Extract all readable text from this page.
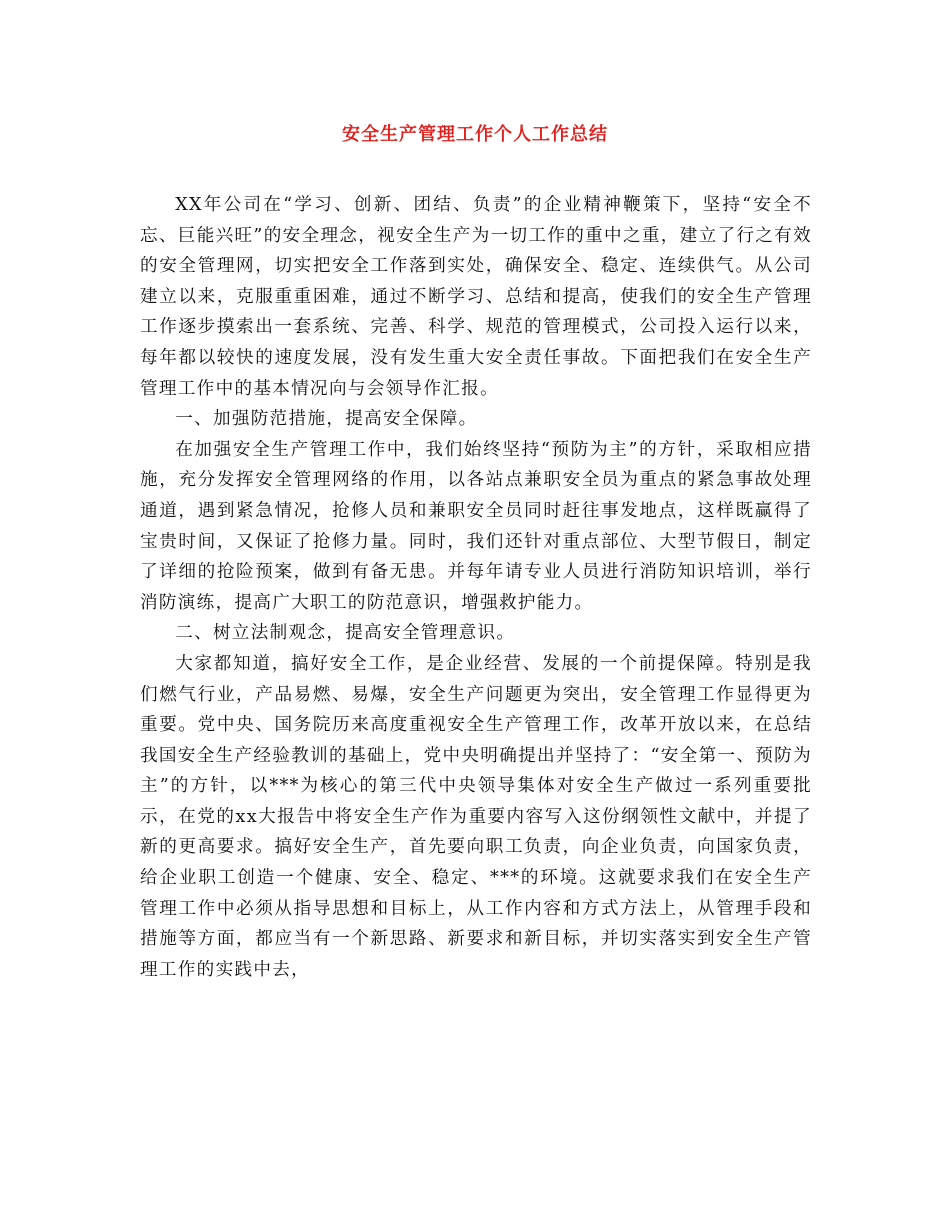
安全生产管理工作个人工作总结

XX年公司在“学习、创新、团结、负责”的企业精神鞭策下，坚持“安全不忘、巨能兴旺”的安全理念，视安全生产为一切工作的重中之重，建立了行之有效的安全管理网，切实把安全工作落到实处，确保安全、稳定、连续供气。从公司建立以来，克服重重困难，通过不断学习、总结和提高，使我们的安全生产管理工作逐步摸索出一套系统、完善、科学、规范的管理模式，公司投入运行以来，每年都以较快的速度发展，没有发生重大安全责任事故。下面把我们在安全生产管理工作中的基本情况向与会领导作汇报。

一、加强防范措施，提高安全保障。

在加强安全生产管理工作中，我们始终坚持“预防为主”的方针，采取相应措施，充分发挥安全管理网络的作用，以各站点兼职安全员为重点的紧急事故处理通道，遇到紧急情况，抢修人员和兼职安全员同时赶往事发地点，这样既赢得了宝贵时间，又保证了抢修力量。同时，我们还针对重点部位、大型节假日，制定了详细的抢险预案，做到有备无患。并每年请专业人员进行消防知识培训，举行消防演练，提高广大职工的防范意识，增强救护能力。

二、树立法制观念，提高安全管理意识。

大家都知道，搞好安全工作，是企业经营、发展的一个前提保障。特别是我们燃气行业，产品易燃、易爆，安全生产问题更为突出，安全管理工作显得更为重要。党中央、国务院历来高度重视安全生产管理工作，改革开放以来，在总结我国安全生产经验教训的基础上，党中央明确提出并坚持了：“安全第一、预防为主”的方针，以***为核心的第三代中央领导集体对安全生产做过一系列重要批示，在党的xx大报告中将安全生产作为重要内容写入这份纲领性文献中，并提了新的更高要求。搞好安全生产，首先要向职工负责，向企业负责，向国家负责，给企业职工创造一个健康、安全、稳定、***的环境。这就要求我们在安全生产管理工作中必须从指导思想和目标上，从工作内容和方式方法上，从管理手段和措施等方面，都应当有一个新思路、新要求和新目标，并切实落实到安全生产管理工作的实践中去，
